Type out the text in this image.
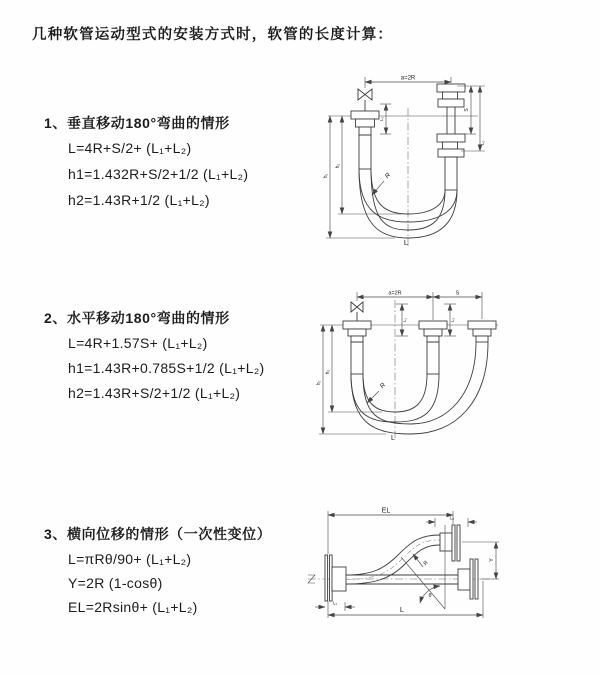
几种软管运动型式的安装方式时，软管的长度计算：
1、垂直移动180°弯曲的情形
L=4R+S/2+ (L₁+L₂)
h1=1.432R+S/2+1/2 (L₁+L₂)
h2=1.43R+1/2 (L₁+L₂)
2、水平移动180°弯曲的情形
L=4R+1.57S+ (L₁+L₂)
h1=1.43R+0.785S+1/2 (L₁+L₂)
h2=1.43R+S/2+1/2 (L₁+L₂)
3、横向位移的情形（一次性变位）
L=πRθ/90+ (L₁+L₂)
Y=2R (1-cosθ)
EL=2Rsinθ+ (L₁+L₂)
a=2R
h₁
h₂
L₁
S
L₂
R
L
a=2R	S
h₁
h₂
L₁	L₂
R
L
EL
L₂
Y
θ
R
L₁
L
